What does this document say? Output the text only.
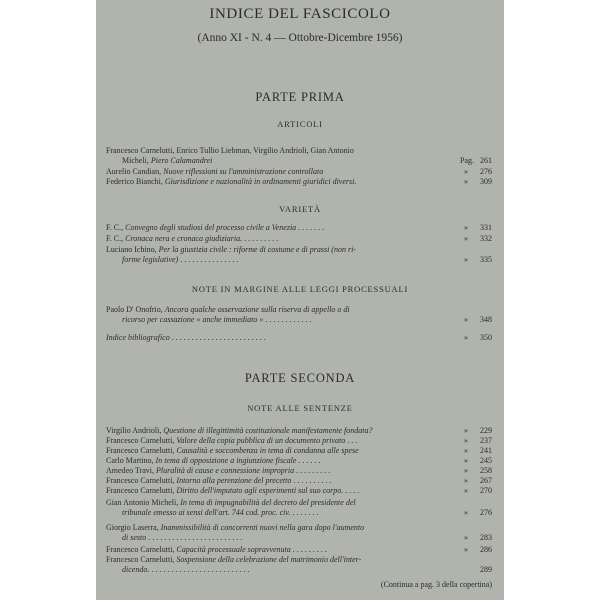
INDICE DEL FASCICOLO
(Anno XI - N. 4 — Ottobre-Dicembre 1956)
PARTE PRIMA
ARTICOLI
Francesco Carnelutti, Enrico Tullio Liebman, Virgilio Andrioli, Gian Antonio
Micheli, Piero Calamandrei	Pag. 261
Aurelio Candian, Nuove riflessioni su l'amministrazione controllata	» 276
Federico Bianchi, Giurisdizione e nazionalità in ordinamenti giuridici diversi.	» 309
VARIETÀ
F. C., Convegno degli studiosi del processo civile a Venezia . . . . . . .	» 331
F. C., Cronaca nera e cronaca giudiziaria. . . . . . . . . .	» 332
Luciano Ichino, Per la giustizia civile : riforme di costume e di prassi (non ri-
forme legislative) . . . . . . . . . . . . . . .	» 335
NOTE IN MARGINE ALLE LEGGI PROCESSUALI
Paolo D' Onofrio, Ancora qualche osservazione sulla riserva di appello o di
ricorso per cassazione « anche immediato » . . . . . . . . . . . .	» 348
Indice bibliografico . . . . . . . . . . . . . . . . . . . . . . . .	» 350
PARTE SECONDA
NOTE ALLE SENTENZE
Virgilio Andrioli, Questione di illegittimità costituzionale manifestamente fondata?	» 229
Francesco Carnelutti, Valore della copia pubblica di un documento privato . . .	» 237
Francesco Carnelutti, Causalità e soccombenza in tema di condanna alle spese	» 241
Carlo Martino, In tema di opposizione a ingiunzione fiscale . . . . . .	» 245
Amedeo Travi, Pluralità di cause e connessione impropria . . . . . . . . .	» 258
Francesco Carnelutti, Intorno alla perenzione del precetto . . . . . . . . . .	» 267
Francesco Carnelutti, Diritto dell'imputato agli esperimenti sul suo corpo. . . . .	» 270
Gian Antonio Micheli, In tema di impugnabilità del decreto del presidente del
tribunale emesso ai sensi dell'art. 744 cod. proc. civ. . . . . . . .	» 276
Giorgio Laserra, Inammissibilità di concorrenti nuovi nella gara dopo l'aumento
di sesto . . . . . . . . . . . . . . . . . . . . . . . .	» 283
Francesco Carnelutti, Capacità processuale sopravvenuta . . . . . . . . .	» 286
Francesco Carnelutti, Sospensione della celebrazione del matrimonio dell'inter-
dicendo. . . . . . . . . . . . . . . . . . . . . . . . . .	289
(Continua a pag. 3 della copertina)
